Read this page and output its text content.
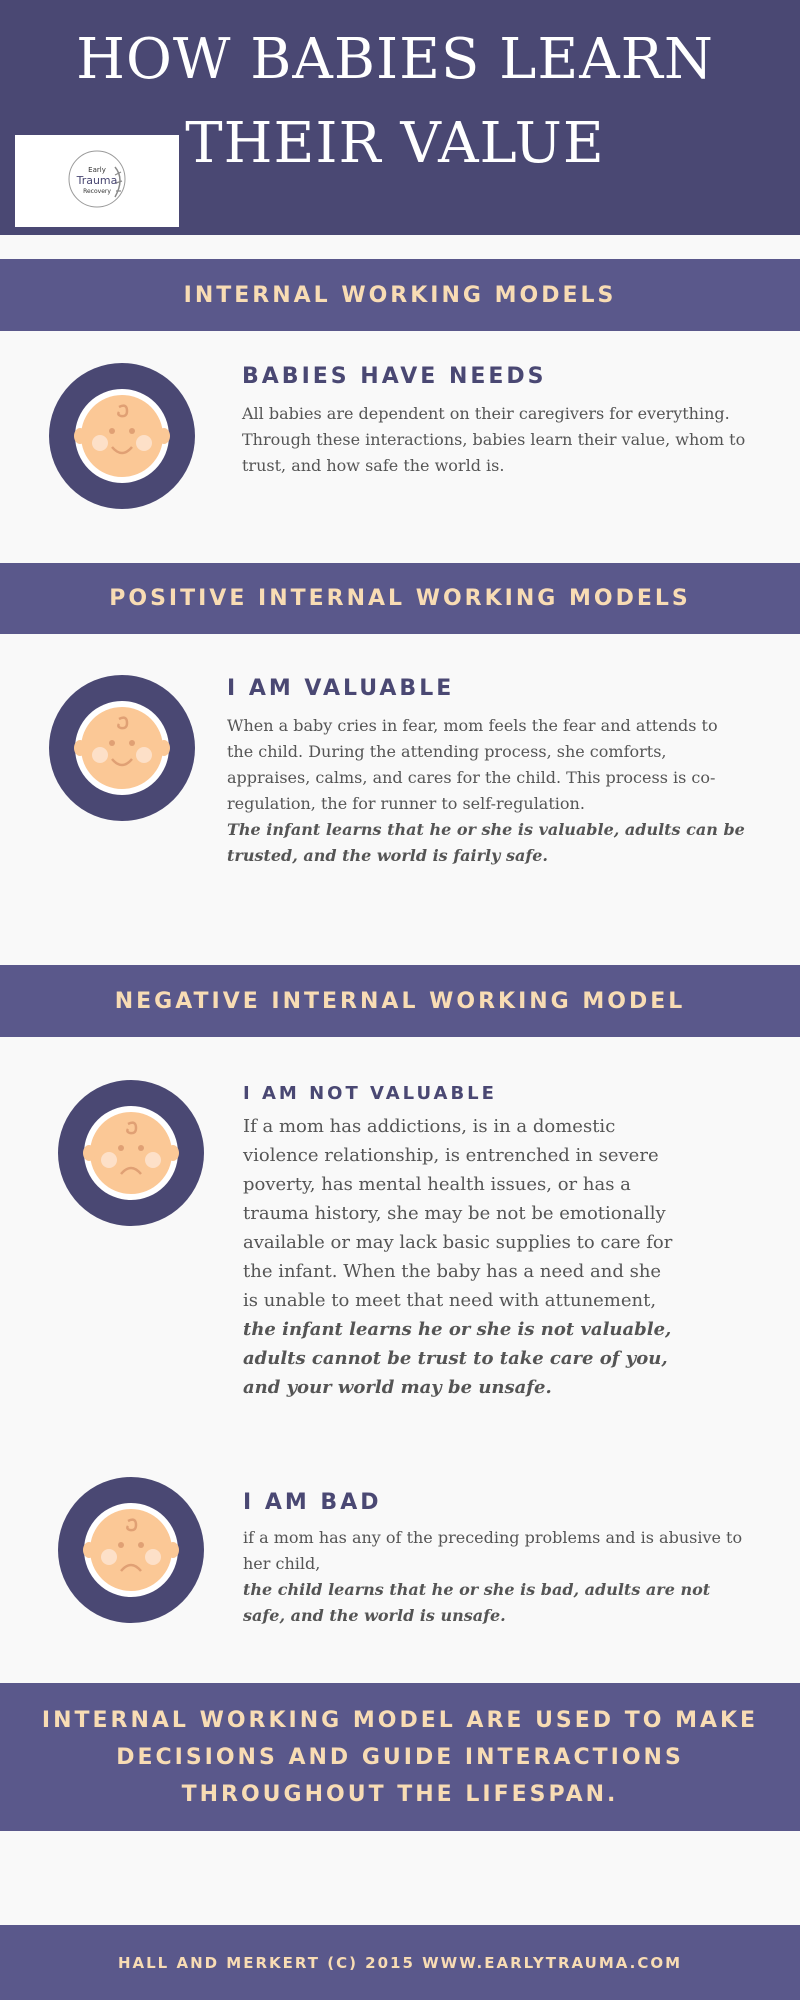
HOW BABIES LEARN
THEIR VALUE
Early
Trauma
Recovery
INTERNAL WORKING MODELS
BABIES HAVE NEEDS

All babies are dependent on their caregivers for everything. Through these interactions, babies learn their value, whom to trust, and how safe the world is.

POSITIVE INTERNAL WORKING MODELS
I AM VALUABLE

When a baby cries in fear, mom feels the fear and attends to the child. During the attending process, she comforts, appraises, calms, and cares for the child. This process is co-regulation, the for runner to self-regulation.
The infant learns that he or she is valuable, adults can be trusted, and the world is fairly safe.

NEGATIVE INTERNAL WORKING MODEL
I AM NOT VALUABLE

If a mom has addictions, is in a domestic violence relationship, is entrenched in severe poverty, has mental health issues, or has a trauma history, she may be not be emotionally available or may lack basic supplies to care for the infant. When the baby has a need and she is unable to meet that need with attunement,
the infant learns he or she is not valuable, adults cannot be trust to take care of you, and your world may be unsafe.

I AM BAD

if a mom has any of the preceding problems and is abusive to her child,
the child learns that he or she is bad, adults are not safe, and the world is unsafe.

INTERNAL WORKING MODEL ARE USED TO MAKE DECISIONS AND GUIDE INTERACTIONS THROUGHOUT THE LIFESPAN.
HALL AND MERKERT (C) 2015 WWW.EARLYTRAUMA.COM
